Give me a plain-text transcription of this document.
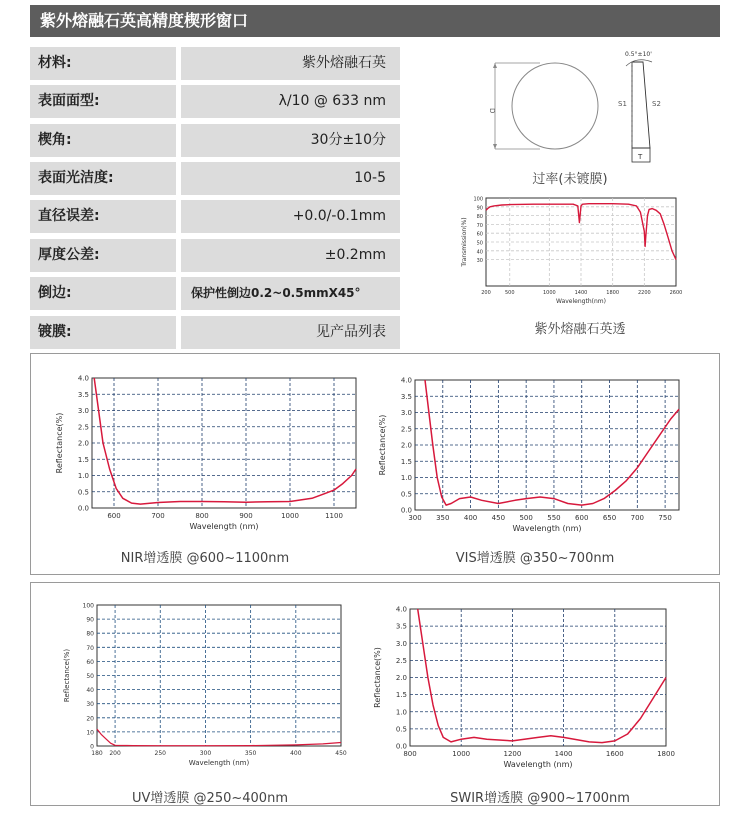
紫外熔融石英高精度楔形窗口
材料:	紫外熔融石英
表面面型:	λ/10 @ 633 nm
楔角:	30分±10分
表面光洁度:	10-5
直径误差:	+0.0/-0.1mm
厚度公差:	±0.2mm
倒边:	保护性倒边0.2~0.5mmX45°
镀膜:	见产品列表
D
T
0.5°±10'
S1	S2
过率(未镀膜)
100
90
80
70
60
50
40
30
200	500	1000	1400	1800	2200	2600
Wavelength(nm)
Transmission(%)
紫外熔融石英透
0.0
0.5
1.0
1.5
2.0
2.5
3.0
3.5
4.0
600	700	800	900	1000	1100
Wavelength (nm)
Reflectance(%)
NIR增透膜 @600~1100nm
0.0
0.5
1.0
1.5
2.0
2.5
3.0
3.5
4.0
300 350 400 450 500 550 600 650 700 750
Wavelength (nm)
Reflectance(%)
VIS增透膜 @350~700nm
0
10
20
30
40
50
60
70
80
90
100
180 200	250	300	350	400	450
Wavelength (nm)
Reflectance(%)
UV增透膜 @250~400nm
0.0
0.5
1.0
1.5
2.0
2.5
3.0
3.5
4.0
800	1000	1200	1400	1600	1800
Wavelength (nm)
Reflectance(%)
SWIR增透膜 @900~1700nm
